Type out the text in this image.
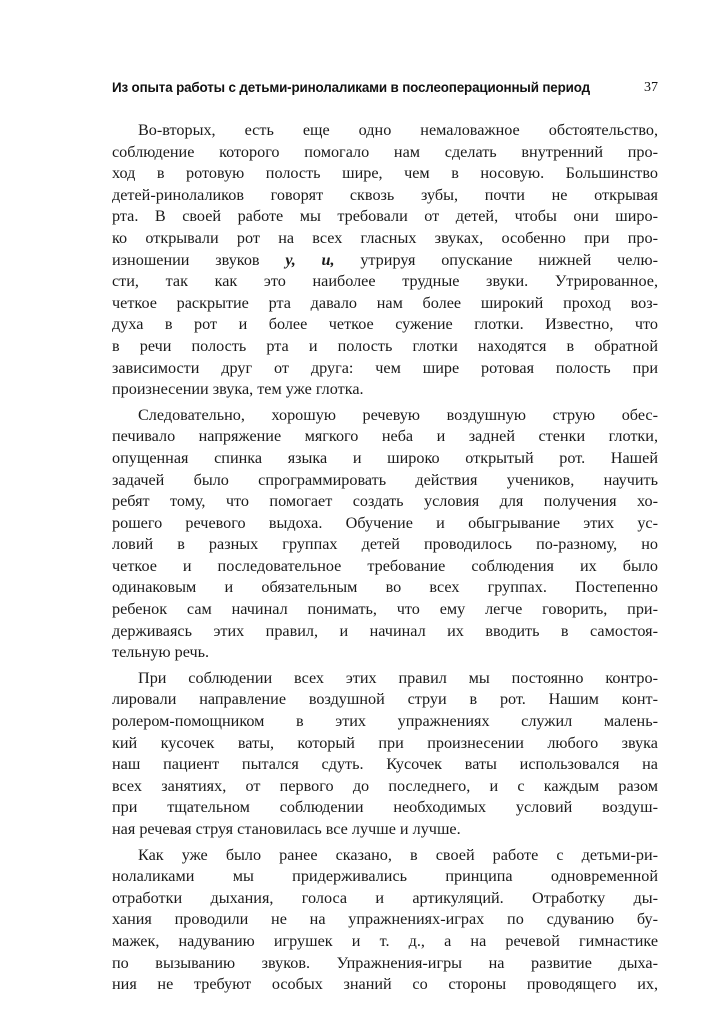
Из опыта работы с детьми-ринолаликами в послеоперационный период	37
Во-вторых, есть еще одно немаловажное обстоятельство,
соблюдение которого помогало нам сделать внутренний про-
ход в ротовую полость шире, чем в носовую. Большинство
детей-ринолаликов говорят сквозь зубы, почти не открывая
рта. В своей работе мы требовали от детей, чтобы они широ-
ко открывали рот на всех гласных звуках, особенно при про-
изношении звуков у, и, утрируя опускание нижней челю-
сти, так как это наиболее трудные звуки. Утрированное,
четкое раскрытие рта давало нам более широкий проход воз-
духа в рот и более четкое сужение глотки. Известно, что
в речи полость рта и полость глотки находятся в обратной
зависимости друг от друга: чем шире ротовая полость при
произнесении звука, тем уже глотка.
Следовательно, хорошую речевую воздушную струю обес-
печивало напряжение мягкого неба и задней стенки глотки,
опущенная спинка языка и широко открытый рот. Нашей
задачей было спрограммировать действия учеников, научить
ребят тому, что помогает создать условия для получения хо-
рошего речевого выдоха. Обучение и обыгрывание этих ус-
ловий в разных группах детей проводилось по-разному, но
четкое и последовательное требование соблюдения их было
одинаковым и обязательным во всех группах. Постепенно
ребенок сам начинал понимать, что ему легче говорить, при-
держиваясь этих правил, и начинал их вводить в самостоя-
тельную речь.
При соблюдении всех этих правил мы постоянно контро-
лировали направление воздушной струи в рот. Нашим конт-
ролером-помощником в этих упражнениях служил малень-
кий кусочек ваты, который при произнесении любого звука
наш пациент пытался сдуть. Кусочек ваты использовался на
всех занятиях, от первого до последнего, и с каждым разом
при тщательном соблюдении необходимых условий воздуш-
ная речевая струя становилась все лучше и лучше.
Как уже было ранее сказано, в своей работе с детьми-ри-
нолаликами мы придерживались принципа одновременной
отработки дыхания, голоса и артикуляций. Отработку ды-
хания проводили не на упражнениях-играх по сдуванию бу-
мажек, надуванию игрушек и т. д., а на речевой гимнастике
по вызыванию звуков. Упражнения-игры на развитие дыха-
ния не требуют особых знаний со стороны проводящего их,
